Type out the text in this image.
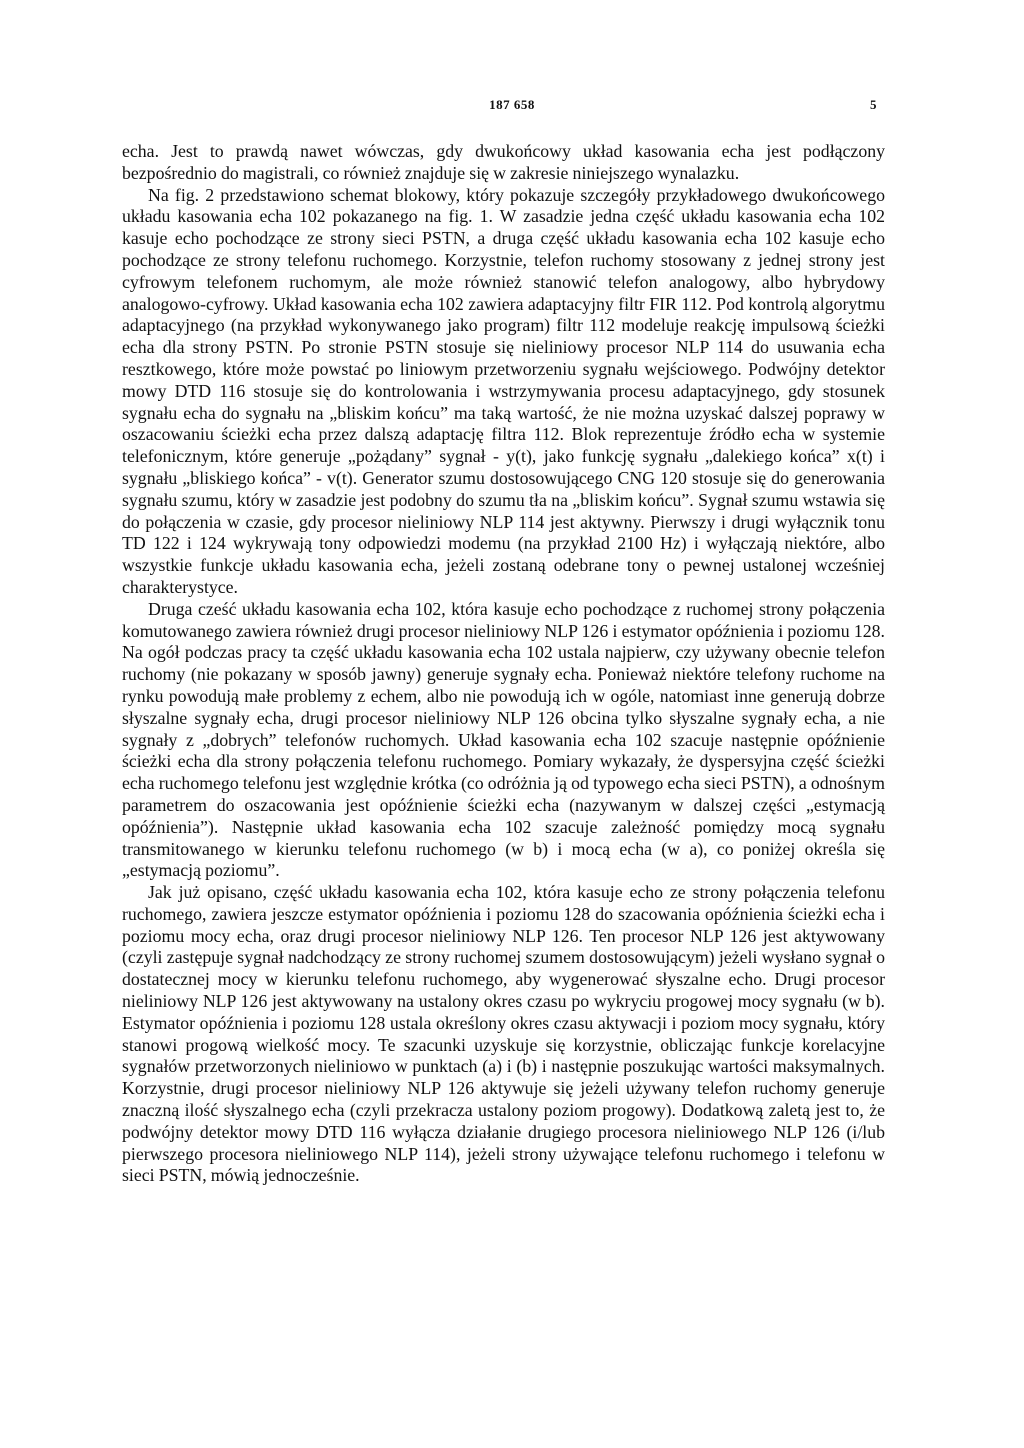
187 658	5

echa. Jest to prawdą nawet wówczas, gdy dwukońcowy układ kasowania echa jest podłączony bezpośrednio do magistrali, co również znajduje się w zakresie niniejszego wynalazku.

Na fig. 2 przedstawiono schemat blokowy, który pokazuje szczegóły przykładowego dwukońcowego układu kasowania echa 102 pokazanego na fig. 1. W zasadzie jedna część układu kasowania echa 102 kasuje echo pochodzące ze strony sieci PSTN, a druga część układu kasowania echa 102 kasuje echo pochodzące ze strony telefonu ruchomego. Korzystnie, telefon ruchomy stosowany z jednej strony jest cyfrowym telefonem ruchomym, ale może również stanowić telefon analogowy, albo hybrydowy analogowo-cyfrowy. Układ kasowania echa 102 zawiera adaptacyjny filtr FIR 112. Pod kontrolą algorytmu adaptacyjnego (na przykład wykonywanego jako program) filtr 112 modeluje reakcję impulsową ścieżki echa dla strony PSTN. Po stronie PSTN stosuje się nieliniowy procesor NLP 114 do usuwania echa resztkowego, które może powstać po liniowym przetworzeniu sygnału wejściowego. Podwójny detektor mowy DTD 116 stosuje się do kontrolowania i wstrzymywania procesu adaptacyjnego, gdy stosunek sygnału echa do sygnału na „bliskim końcu” ma taką wartość, że nie można uzyskać dalszej poprawy w oszacowaniu ścieżki echa przez dalszą adaptację filtra 112. Blok reprezentuje źródło echa w systemie telefonicznym, które generuje „pożądany” sygnał - y(t), jako funkcję sygnału „dalekiego końca” x(t) i sygnału „bliskiego końca” - v(t). Generator szumu dostosowującego CNG 120 stosuje się do generowania sygnału szumu, który w zasadzie jest podobny do szumu tła na „bliskim końcu”. Sygnał szumu wstawia się do połączenia w czasie, gdy procesor nieliniowy NLP 114 jest aktywny. Pierwszy i drugi wyłącznik tonu TD 122 i 124 wykrywają tony odpowiedzi modemu (na przykład 2100 Hz) i wyłączają niektóre, albo wszystkie funkcje układu kasowania echa, jeżeli zostaną odebrane tony o pewnej ustalonej wcześniej charakterystyce.

Druga cześć układu kasowania echa 102, która kasuje echo pochodzące z ruchomej strony połączenia komutowanego zawiera również drugi procesor nieliniowy NLP 126 i estymator opóźnienia i poziomu 128. Na ogół podczas pracy ta część układu kasowania echa 102 ustala najpierw, czy używany obecnie telefon ruchomy (nie pokazany w sposób jawny) generuje sygnały echa. Ponieważ niektóre telefony ruchome na rynku powodują małe problemy z echem, albo nie powodują ich w ogóle, natomiast inne generują dobrze słyszalne sygnały echa, drugi procesor nieliniowy NLP 126 obcina tylko słyszalne sygnały echa, a nie sygnały z „dobrych” telefonów ruchomych. Układ kasowania echa 102 szacuje następnie opóźnienie ścieżki echa dla strony połączenia telefonu ruchomego. Pomiary wykazały, że dyspersyjna część ścieżki echa ruchomego telefonu jest względnie krótka (co odróżnia ją od typowego echa sieci PSTN), a odnośnym parametrem do oszacowania jest opóźnienie ścieżki echa (nazywanym w dalszej części „estymacją opóźnienia”). Następnie układ kasowania echa 102 szacuje zależność pomiędzy mocą sygnału transmitowanego w kierunku telefonu ruchomego (w b) i mocą echa (w a), co poniżej określa się „estymacją poziomu”.

Jak już opisano, część układu kasowania echa 102, która kasuje echo ze strony połączenia telefonu ruchomego, zawiera jeszcze estymator opóźnienia i poziomu 128 do szacowania opóźnienia ścieżki echa i poziomu mocy echa, oraz drugi procesor nieliniowy NLP 126. Ten procesor NLP 126 jest aktywowany (czyli zastępuje sygnał nadchodzący ze strony ruchomej szumem dostosowującym) jeżeli wysłano sygnał o dostatecznej mocy w kierunku telefonu ruchomego, aby wygenerować słyszalne echo. Drugi procesor nieliniowy NLP 126 jest aktywowany na ustalony okres czasu po wykryciu progowej mocy sygnału (w b). Estymator opóźnienia i poziomu 128 ustala określony okres czasu aktywacji i poziom mocy sygnału, który stanowi progową wielkość mocy. Te szacunki uzyskuje się korzystnie, obliczając funkcje korelacyjne sygnałów przetworzonych nieliniowo w punktach (a) i (b) i następnie poszukując wartości maksymalnych. Korzystnie, drugi procesor nieliniowy NLP 126 aktywuje się jeżeli używany telefon ruchomy generuje znaczną ilość słyszalnego echa (czyli przekracza ustalony poziom progowy). Dodatkową zaletą jest to, że podwójny detektor mowy DTD 116 wyłącza działanie drugiego procesora nieliniowego NLP 126 (i/lub pierwszego procesora nieliniowego NLP 114), jeżeli strony używające telefonu ruchomego i telefonu w sieci PSTN, mówią jednocześnie.
